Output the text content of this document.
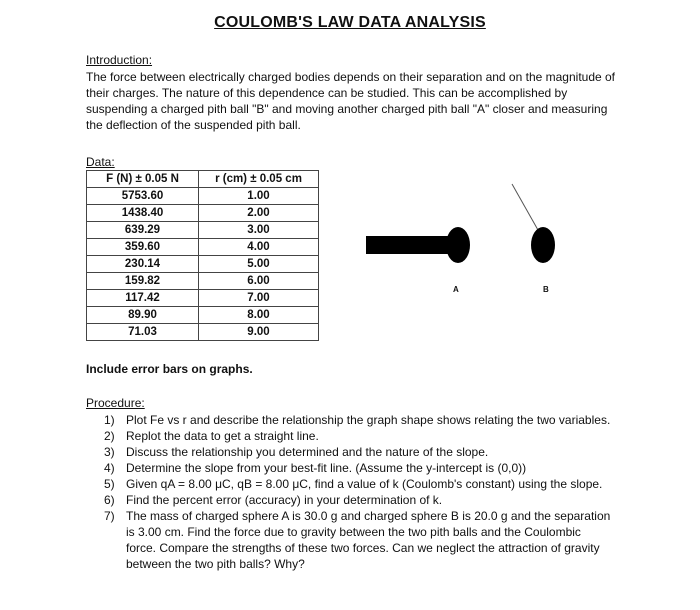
COULOMB'S LAW DATA ANALYSIS
Introduction:
The force between electrically charged bodies depends on their separation and on the magnitude of their charges. The nature of this dependence can be studied. This can be accomplished by suspending a charged pith ball "B" and moving another charged pith ball "A" closer and measuring the deflection of the suspended pith ball.
Data:
F (N) ± 0.05 N	r (cm) ± 0.05 cm
5753.60	1.00
1438.40	2.00
639.29	3.00
359.60	4.00
230.14	5.00
159.82	6.00
117.42	7.00
89.90	8.00
71.03	9.00
A	B
Include error bars on graphs.
Procedure:
1) Plot Fe vs r and describe the relationship the graph shape shows relating the two variables.
2) Replot the data to get a straight line.
3) Discuss the relationship you determined and the nature of the slope.
4) Determine the slope from your best-fit line. (Assume the y-intercept is (0,0))
5) Given qA = 8.00 μC, qB = 8.00 μC, find a value of k (Coulomb's constant) using the slope.
6) Find the percent error (accuracy) in your determination of k.
7) The mass of charged sphere A is 30.0 g and charged sphere B is 20.0 g and the separation is 3.00 cm. Find the force due to gravity between the two pith balls and the Coulombic force. Compare the strengths of these two forces. Can we neglect the attraction of gravity between the two pith balls? Why?
